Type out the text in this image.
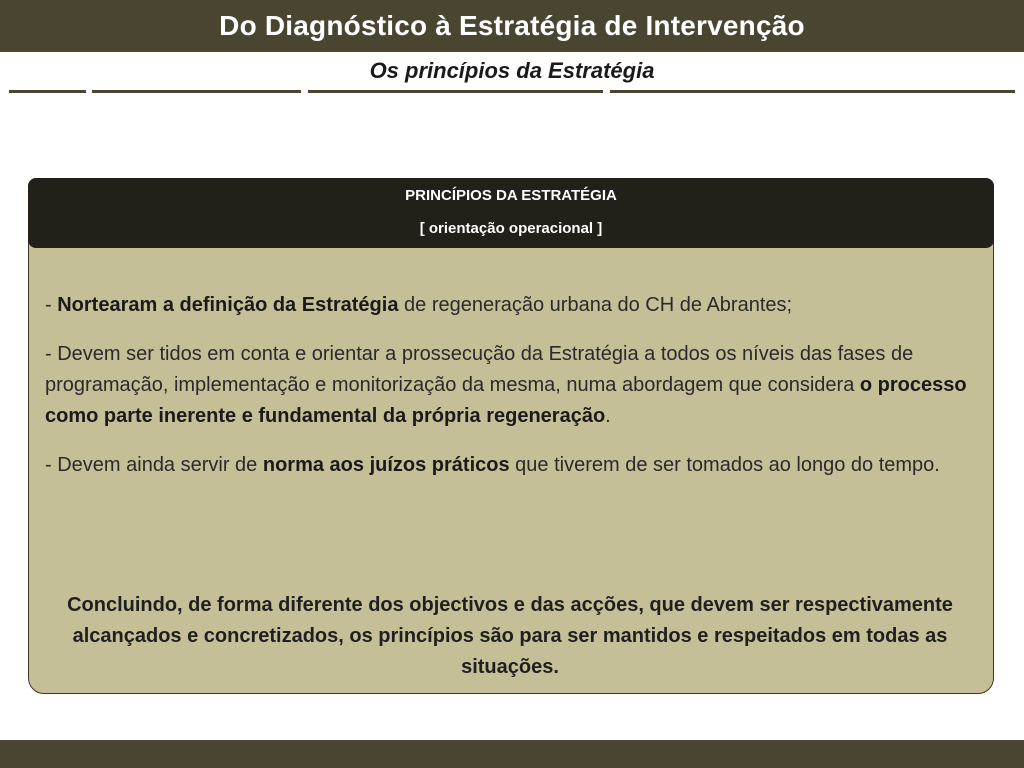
Do Diagnóstico à Estratégia de Intervenção
Os princípios da Estratégia
PRINCÍPIOS DA ESTRATÉGIA
[ orientação operacional ]

- Nortearam a definição da Estratégia de regeneração urbana do CH de Abrantes;

- Devem ser tidos em conta e orientar a prossecução da Estratégia a todos os níveis das fases de programação, implementação e monitorização da mesma, numa abordagem que considera o processo como parte inerente e fundamental da própria regeneração.

- Devem ainda servir de norma aos juízos práticos que tiverem de ser tomados ao longo do tempo.

Concluindo, de forma diferente dos objectivos e das acções, que devem ser respectivamente alcançados e concretizados, os princípios são para ser mantidos e respeitados em todas as situações.
